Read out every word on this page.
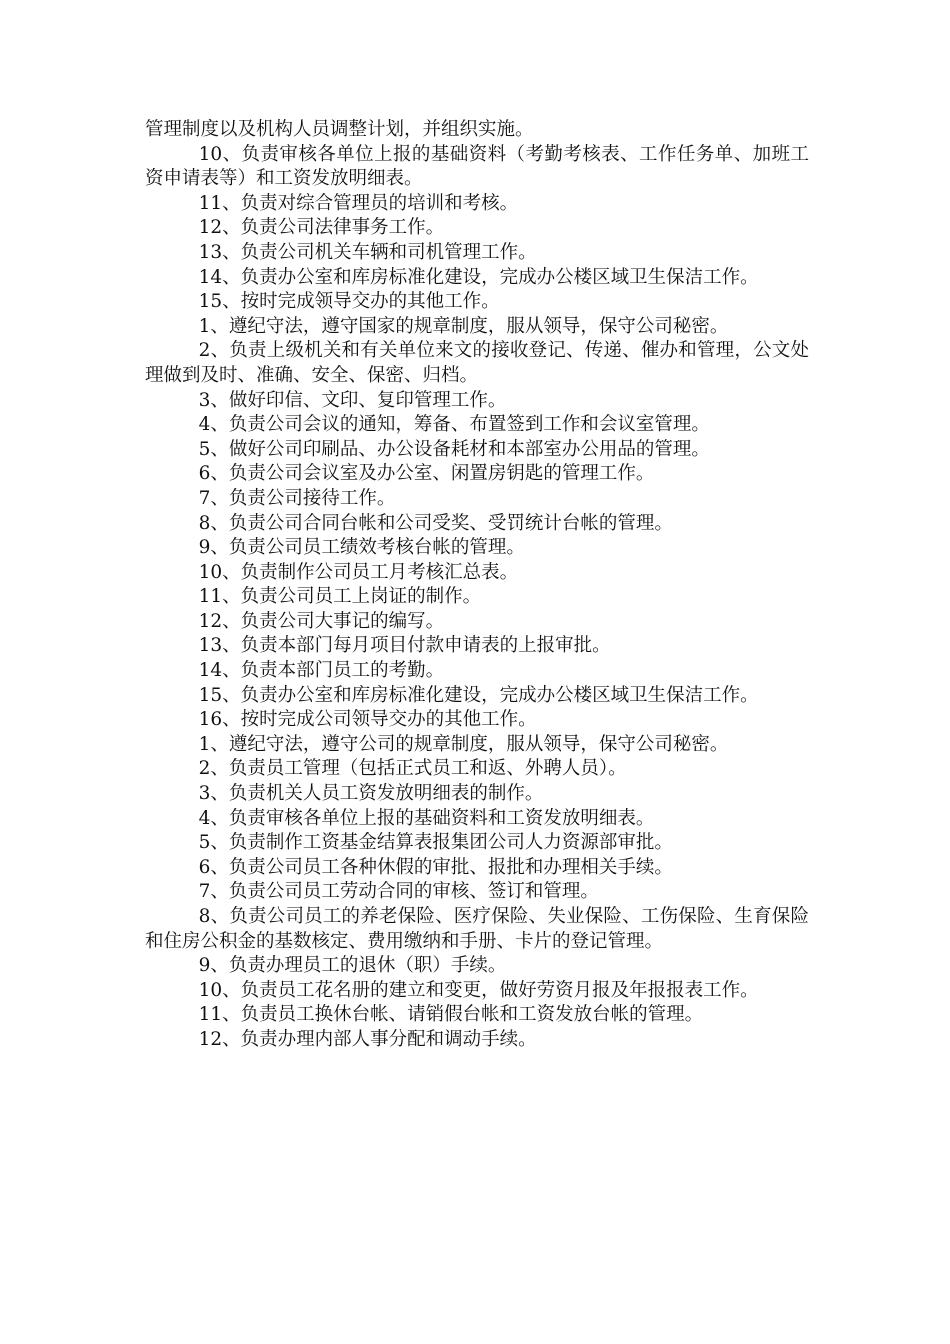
管理制度以及机构人员调整计划，并组织实施。

10、负责审核各单位上报的基础资料（考勤考核表、工作任务单、加班工资申请表等）和工资发放明细表。

11、负责对综合管理员的培训和考核。

12、负责公司法律事务工作。

13、负责公司机关车辆和司机管理工作。

14、负责办公室和库房标准化建设，完成办公楼区域卫生保洁工作。

15、按时完成领导交办的其他工作。

1、遵纪守法，遵守国家的规章制度，服从领导，保守公司秘密。

2、负责上级机关和有关单位来文的接收登记、传递、催办和管理，公文处理做到及时、准确、安全、保密、归档。

3、做好印信、文印、复印管理工作。

4、负责公司会议的通知，筹备、布置签到工作和会议室管理。

5、做好公司印刷品、办公设备耗材和本部室办公用品的管理。

6、负责公司会议室及办公室、闲置房钥匙的管理工作。

7、负责公司接待工作。

8、负责公司合同台帐和公司受奖、受罚统计台帐的管理。

9、负责公司员工绩效考核台帐的管理。

10、负责制作公司员工月考核汇总表。

11、负责公司员工上岗证的制作。

12、负责公司大事记的编写。

13、负责本部门每月项目付款申请表的上报审批。

14、负责本部门员工的考勤。

15、负责办公室和库房标准化建设，完成办公楼区域卫生保洁工作。

16、按时完成公司领导交办的其他工作。

1、遵纪守法，遵守公司的规章制度，服从领导，保守公司秘密。

2、负责员工管理（包括正式员工和返、外聘人员）。

3、负责机关人员工资发放明细表的制作。

4、负责审核各单位上报的基础资料和工资发放明细表。

5、负责制作工资基金结算表报集团公司人力资源部审批。

6、负责公司员工各种休假的审批、报批和办理相关手续。

7、负责公司员工劳动合同的审核、签订和管理。

8、负责公司员工的养老保险、医疗保险、失业保险、工伤保险、生育保险和住房公积金的基数核定、费用缴纳和手册、卡片的登记管理。

9、负责办理员工的退休（职）手续。

10、负责员工花名册的建立和变更，做好劳资月报及年报报表工作。

11、负责员工换休台帐、请销假台帐和工资发放台帐的管理。

12、负责办理内部人事分配和调动手续。
